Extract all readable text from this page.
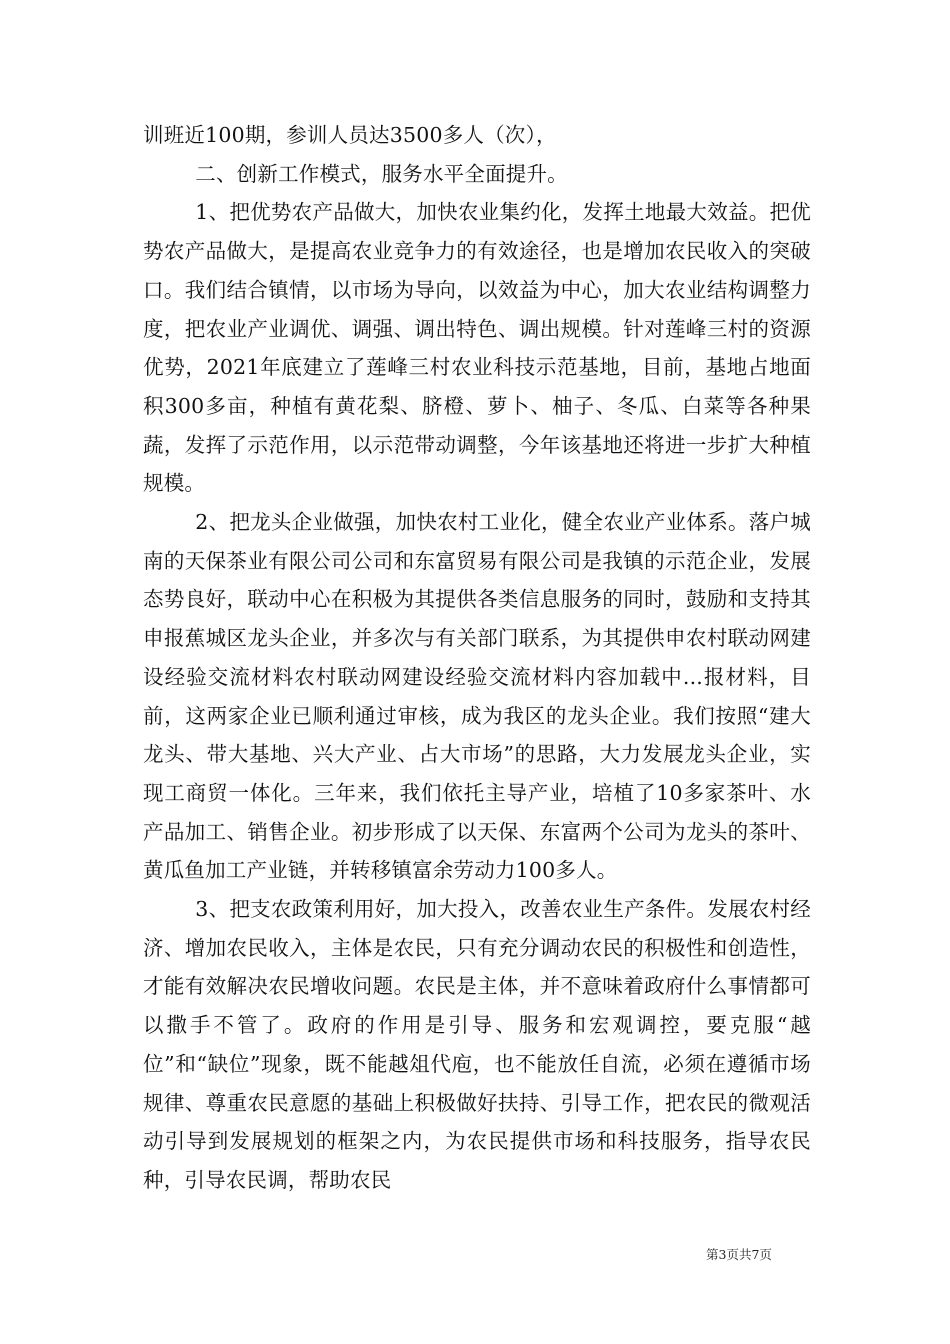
训班近100期，参训人员达3500多人（次），

二、创新工作模式，服务水平全面提升。

1、把优势农产品做大，加快农业集约化，发挥土地最大效益。把优势农产品做大，是提高农业竞争力的有效途径，也是增加农民收入的突破口。我们结合镇情，以市场为导向，以效益为中心，加大农业结构调整力度，把农业产业调优、调强、调出特色、调出规模。针对莲峰三村的资源优势，2021年底建立了莲峰三村农业科技示范基地，目前，基地占地面积300多亩，种植有黄花梨、脐橙、萝卜、柚子、冬瓜、白菜等各种果蔬，发挥了示范作用，以示范带动调整，今年该基地还将进一步扩大种植规模。

2、把龙头企业做强，加快农村工业化，健全农业产业体系。落户城南的天保茶业有限公司公司和东富贸易有限公司是我镇的示范企业，发展态势良好，联动中心在积极为其提供各类信息服务的同时，鼓励和支持其申报蕉城区龙头企业，并多次与有关部门联系，为其提供申农村联动网建设经验交流材料农村联动网建设经验交流材料内容加载中...报材料，目前，这两家企业已顺利通过审核，成为我区的龙头企业。我们按照“建大龙头、带大基地、兴大产业、占大市场”的思路，大力发展龙头企业，实现工商贸一体化。三年来，我们依托主导产业，培植了10多家茶叶、水产品加工、销售企业。初步形成了以天保、东富两个公司为龙头的茶叶、黄瓜鱼加工产业链，并转移镇富余劳动力100多人。

3、把支农政策利用好，加大投入，改善农业生产条件。发展农村经济、增加农民收入，主体是农民，只有充分调动农民的积极性和创造性，才能有效解决农民增收问题。农民是主体，并不意味着政府什么事情都可以撒手不管了。政府的作用是引导、服务和宏观调控，要克服“越位”和“缺位”现象，既不能越俎代庖，也不能放任自流，必须在遵循市场规律、尊重农民意愿的基础上积极做好扶持、引导工作，把农民的微观活动引导到发展规划的框架之内，为农民提供市场和科技服务，指导农民种，引导农民调，帮助农民

第3页共7页
